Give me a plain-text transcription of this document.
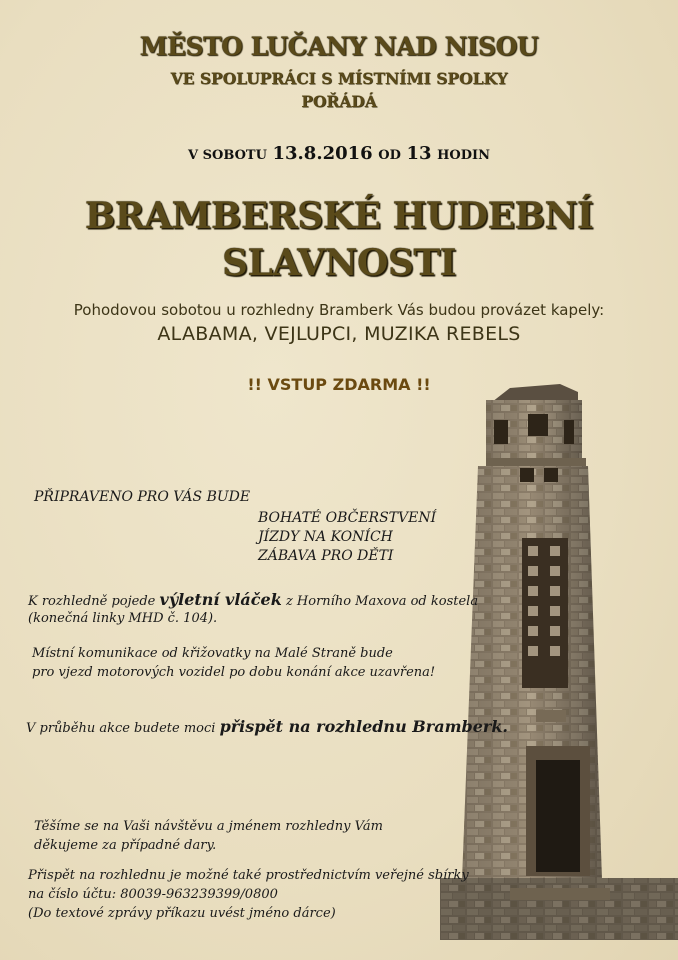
MĚSTO LUČANY NAD NISOU
VE SPOLUPRÁCI S MÍSTNÍMI SPOLKY
POŘÁDÁ
V SOBOTU 13.8.2016 OD 13 HODIN
BRAMBERSKÉ HUDEBNÍ
SLAVNOSTI
Pohodovou sobotou u rozhledny Bramberk Vás budou provázet kapely:
ALABAMA, VEJLUPCI, MUZIKA REBELS
!! VSTUP ZDARMA !!
PŘIPRAVENO PRO VÁS BUDE
BOHATÉ OBČERSTVENÍ
JÍZDY NA KONÍCH
ZÁBAVA PRO DĚTI
K rozhledně pojede výletní vláček z Horního Maxova od kostela
(konečná linky MHD č. 104).
Místní komunikace od křižovatky na Malé Straně bude
pro vjezd motorových vozidel po dobu konání akce uzavřena!
V průběhu akce budete moci přispět na rozhlednu Bramberk.
Těšíme se na Vaši návštěvu a jménem rozhledny Vám
děkujeme za případné dary.
Přispět na rozhlednu je možné také prostřednictvím veřejné sbírky
na číslo účtu: 80039-963239399/0800
(Do textové zprávy příkazu uvést jméno dárce)
